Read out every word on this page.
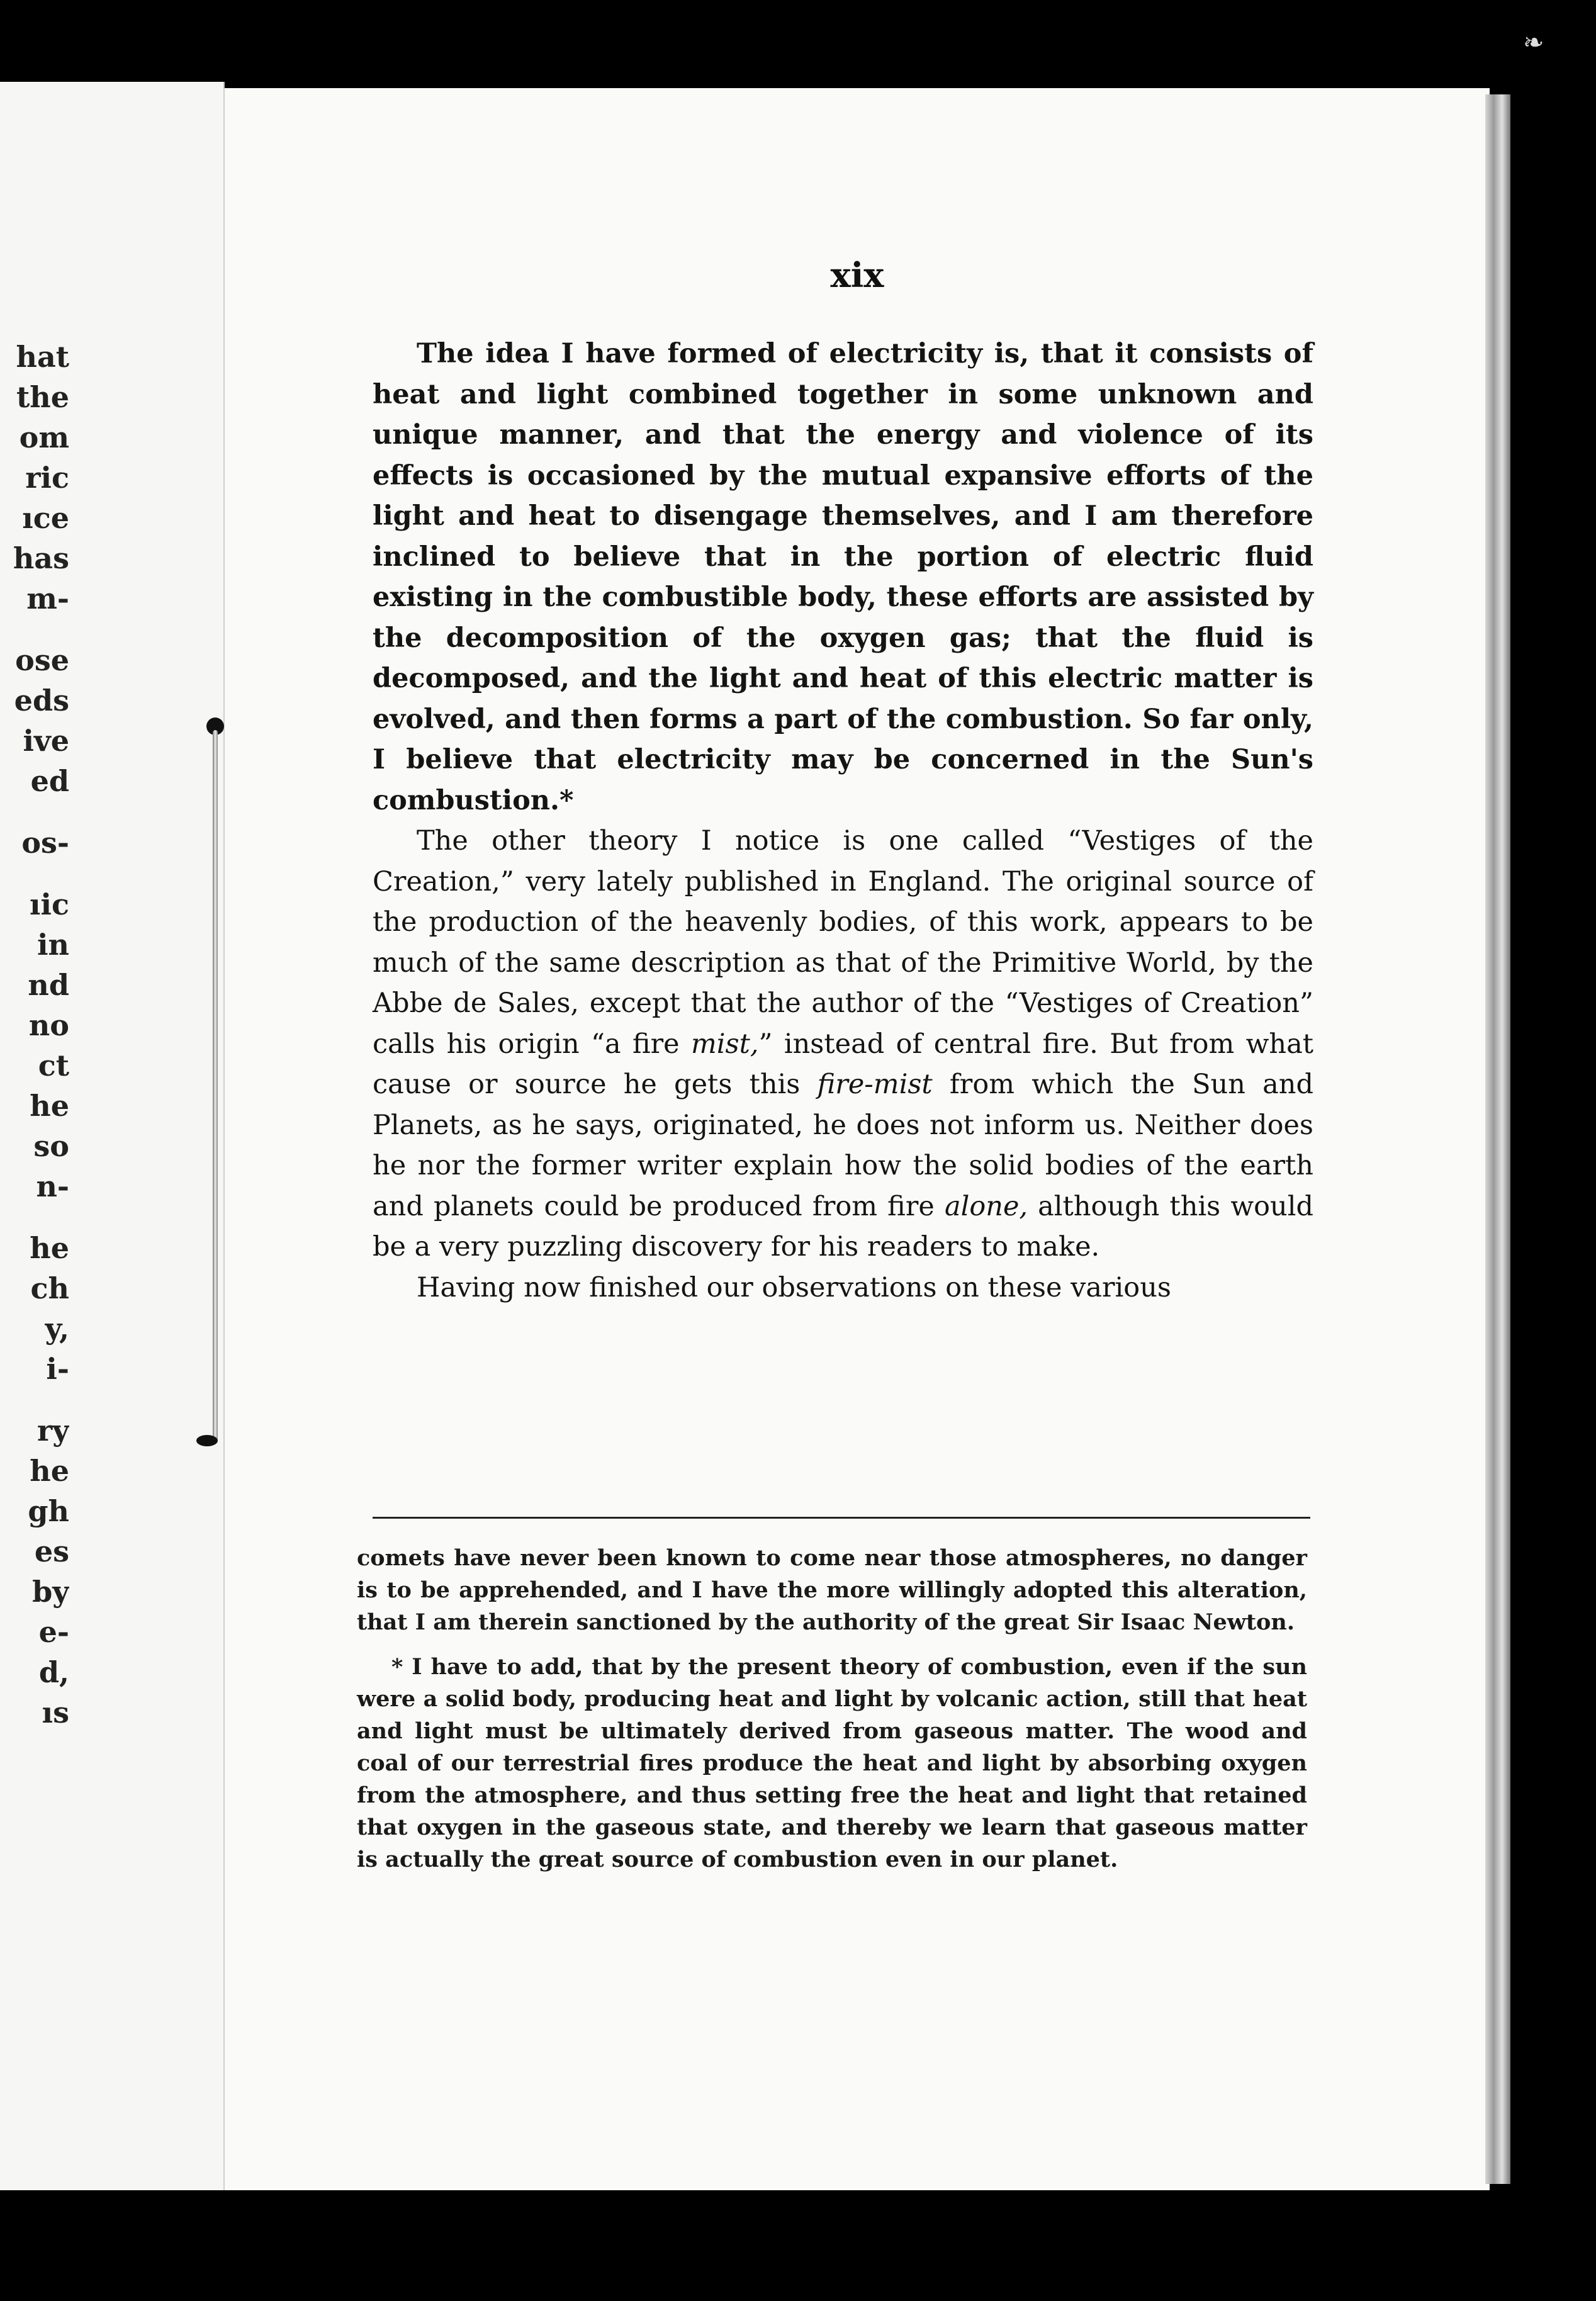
❧
hat
the
om
ric
ıce
has
m-
ose
eds
ive
ed
os-
ıic
in
nd
no
ct
he
so
n-
he
ch
y,
i-
ry
he
gh
es
by
e-
d,
ıs
xix

The idea I have formed of electricity is, that it consists of heat and light combined together in some unknown and unique manner, and that the energy and violence of its effects is occasioned by the mutual expansive efforts of the light and heat to disengage themselves, and I am therefore inclined to believe that in the portion of electric fluid existing in the combustible body, these efforts are assisted by the decomposition of the oxygen gas; that the fluid is decomposed, and the light and heat of this electric matter is evolved, and then forms a part of the combustion. So far only, I believe that electricity may be concerned in the Sun's combustion.*

The other theory I notice is one called “Vestiges of the Creation,” very lately published in England. The original source of the production of the heavenly bodies, of this work, appears to be much of the same description as that of the Primitive World, by the Abbe de Sales, except that the author of the “Vestiges of Creation” calls his origin “a fire mist,” instead of central fire. But from what cause or source he gets this fire-mist from which the Sun and Planets, as he says, originated, he does not inform us. Neither does he nor the former writer explain how the solid bodies of the earth and planets could be produced from fire alone, although this would be a very puzzling discovery for his readers to make.

Having now finished our observations on these various

comets have never been known to come near those atmospheres, no danger is to be apprehended, and I have the more willingly adopted this alteration, that I am therein sanctioned by the authority of the great Sir Isaac Newton.

* I have to add, that by the present theory of combustion, even if the sun were a solid body, producing heat and light by volcanic action, still that heat and light must be ultimately derived from gaseous matter. The wood and coal of our terrestrial fires produce the heat and light by absorbing oxygen from the atmosphere, and thus setting free the heat and light that retained that oxygen in the gaseous state, and thereby we learn that gaseous matter is actually the great source of combustion even in our planet.
